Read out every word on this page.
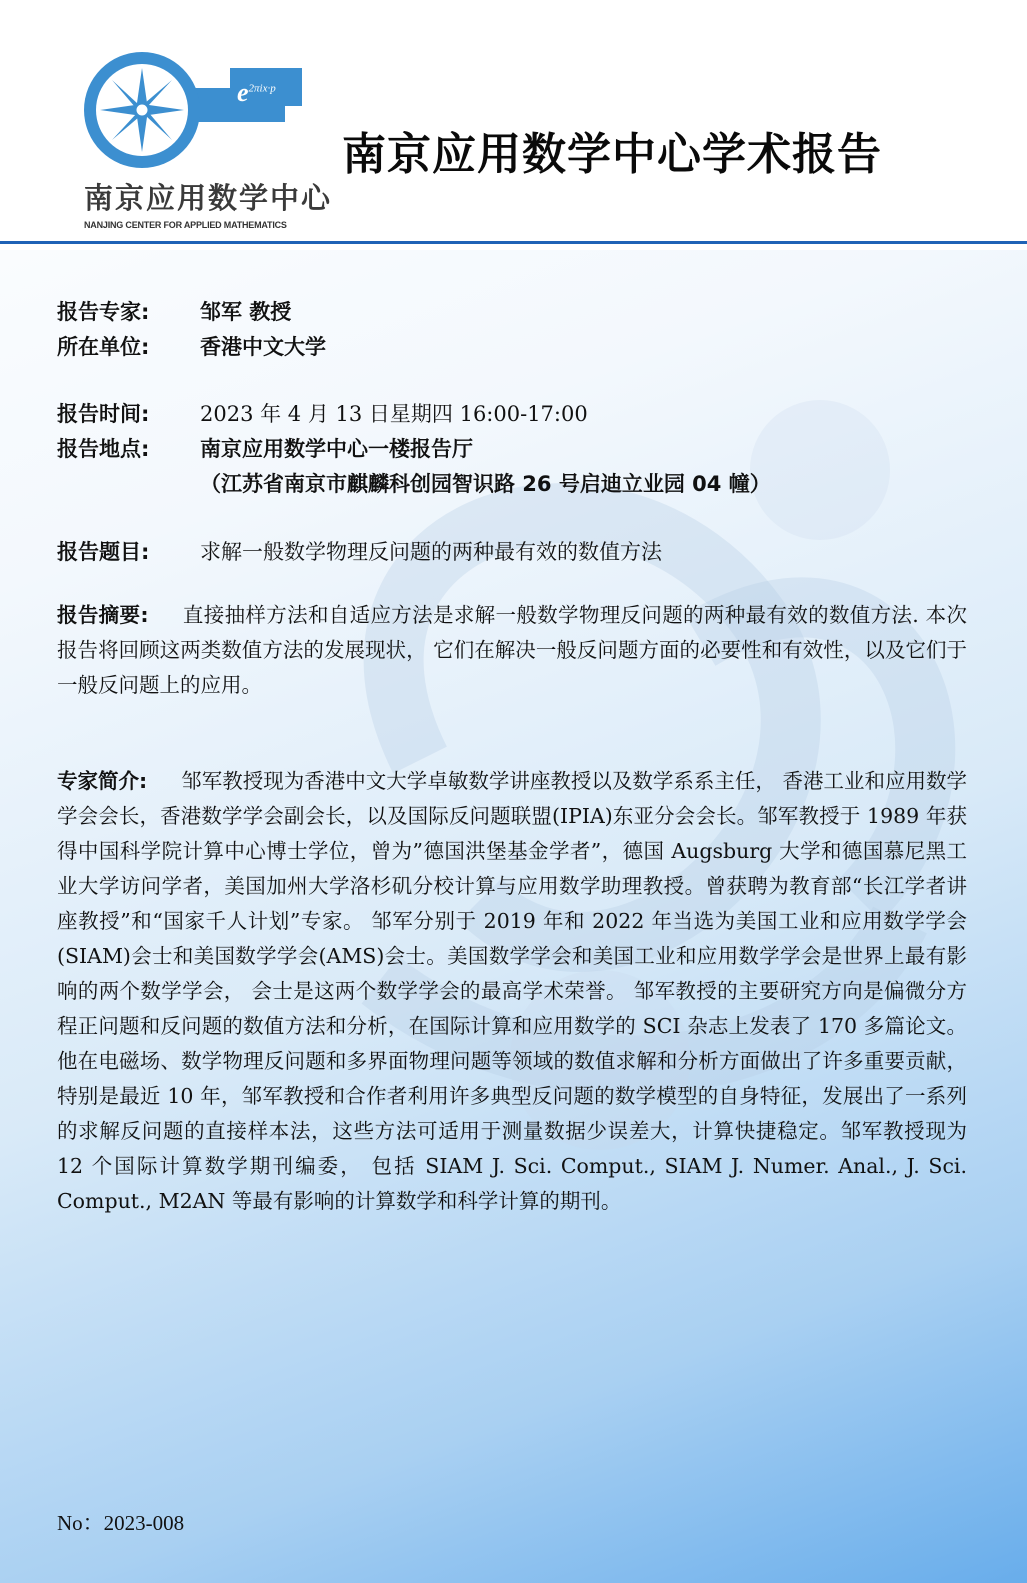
$e^{2\pi ix\cdot p}$
南京应用数学中心
NANJING CENTER FOR APPLIED MATHEMATICS
南京应用数学中心学术报告
报告专家: 邹军 教授
所在单位: 香港中文大学
报告时间: 2023 年 4 月 13 日星期四 16:00-17:00
报告地点: 南京应用数学中心一楼报告厅
（江苏省南京市麒麟科创园智识路 26 号启迪立业园 04 幢）
报告题目: 求解一般数学物理反问题的两种最有效的数值方法
报告摘要: 直接抽样方法和自适应方法是求解一般数学物理反问题的两种最有效的数值方法. 本次报告将回顾这两类数值方法的发展现状， 它们在解决一般反问题方面的必要性和有效性，以及它们于一般反问题上的应用。
专家简介: 邹军教授现为香港中文大学卓敏数学讲座教授以及数学系系主任， 香港工业和应用数学学会会长，香港数学学会副会长，以及国际反问题联盟(IPIA)东亚分会会长。邹军教授于 1989 年获得中国科学院计算中心博士学位，曾为”德国洪堡基金学者”，德国 Augsburg 大学和德国慕尼黑工业大学访问学者，美国加州大学洛杉矶分校计算与应用数学助理教授。曾获聘为教育部“长江学者讲座教授”和“国家千人计划”专家。 邹军分别于 2019 年和 2022 年当选为美国工业和应用数学学会(SIAM)会士和美国数学学会(AMS)会士。美国数学学会和美国工业和应用数学学会是世界上最有影响的两个数学学会， 会士是这两个数学学会的最高学术荣誉。 邹军教授的主要研究方向是偏微分方程正问题和反问题的数值方法和分析，在国际计算和应用数学的 SCI 杂志上发表了 170 多篇论文。 他在电磁场、数学物理反问题和多界面物理问题等领域的数值求解和分析方面做出了许多重要贡献， 特别是最近 10 年，邹军教授和合作者利用许多典型反问题的数学模型的自身特征，发展出了一系列的求解反问题的直接样本法，这些方法可适用于测量数据少误差大，计算快捷稳定。邹军教授现为 12 个国际计算数学期刊编委， 包括 SIAM J. Sci. Comput., SIAM J. Numer. Anal., J. Sci. Comput., M2AN 等最有影响的计算数学和科学计算的期刊。
No：2023-008
